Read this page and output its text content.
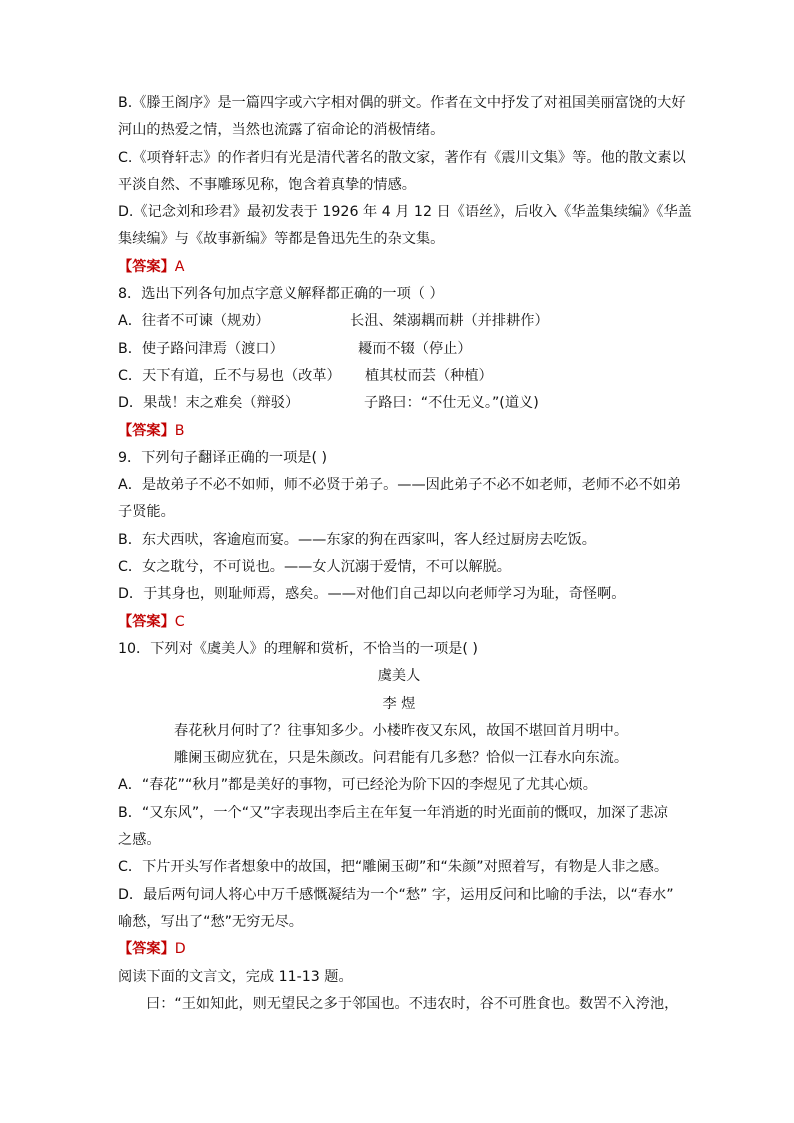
B.《滕王阁序》是一篇四字或六字相对偶的骈文。作者在文中抒发了对祖国美丽富饶的大好
河山的热爱之情，当然也流露了宿命论的消极情绪。
C.《项脊轩志》的作者归有光是清代著名的散文家，著作有《震川文集》等。他的散文素以
平淡自然、不事雕琢见称，饱含着真挚的情感。
D.《记念刘和珍君》最初发表于 1926 年 4 月 12 日《语丝》，后收入《华盖集续编》《华盖
集续编》与《故事新编》等都是鲁迅先生的杂文集。
【答案】A
8．选出下列各句加点字意义解释都正确的一项（ ）
A．往者不可谏（规劝）	长沮、桀溺耦而耕（并排耕作）
B．使子路问津焉（渡口）	耰而不辍（停止）
C．天下有道，丘不与易也（改革） 植其杖而芸（种植）
D．果哉！末之难矣（辩驳）	子路曰：“不仕无义。”(道义)
【答案】B
9．下列句子翻译正确的一项是( )
A．是故弟子不必不如师，师不必贤于弟子。——因此弟子不必不如老师，老师不必不如弟
子贤能。
B．东犬西吠，客逾庖而宴。——东家的狗在西家叫，客人经过厨房去吃饭。
C．女之耽兮，不可说也。——女人沉溺于爱情，不可以解脱。
D．于其身也，则耻师焉，惑矣。——对他们自己却以向老师学习为耻，奇怪啊。
【答案】C
10．下列对《虞美人》的理解和赏析，不恰当的一项是( )
虞美人
李 煜
春花秋月何时了？往事知多少。小楼昨夜又东风，故国不堪回首月明中。
雕阑玉砌应犹在，只是朱颜改。问君能有几多愁？恰似一江春水向东流。
A．“春花”“秋月”都是美好的事物，可已经沦为阶下囚的李煜见了尤其心烦。
B．“又东风”，一个“又”字表现出李后主在年复一年消逝的时光面前的慨叹，加深了悲凉
之感。
C．下片开头写作者想象中的故国，把“雕阑玉砌”和“朱颜”对照着写，有物是人非之感。
D．最后两句词人将心中万千感慨凝结为一个“愁” 字，运用反问和比喻的手法，以“春水”
喻愁，写出了“愁”无穷无尽。
【答案】D
阅读下面的文言文，完成 11-13 题。
曰：“王如知此，则无望民之多于邻国也。不违农时，谷不可胜食也。数罟不入洿池，
